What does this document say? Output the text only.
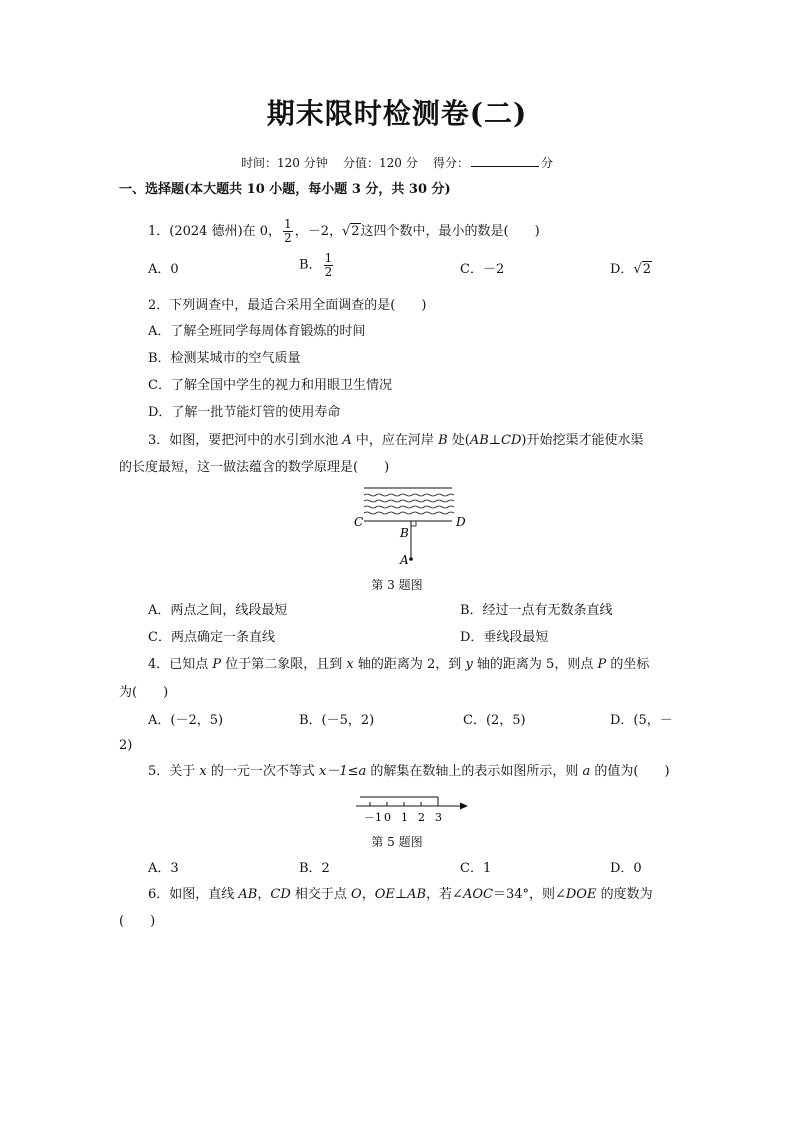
期末限时检测卷(二)
时间：120 分钟 分值：120 分 得分：	分
一、选择题(本大题共 10 小题，每小题 3 分，共 30 分)
1．(2024 德州)在 0， $\frac{1}{2}$ ，－2，√2这四个数中，最小的数是(　　)
A．0	B． $\frac{1}{2}$	C．－2	D．√2
2．下列调查中，最适合采用全面调查的是(　　)
A．了解全班同学每周体育锻炼的时间
B．检测某城市的空气质量
C．了解全国中学生的视力和用眼卫生情况
D．了解一批节能灯管的使用寿命
3．如图，要把河中的水引到水池 A 中，应在河岸 B 处(AB⊥CD)开始挖渠才能使水渠
的长度最短，这一做法蕴含的数学原理是(　　)
C	D
B
A
第 3 题图
A．两点之间，线段最短	B．经过一点有无数条直线
C．两点确定一条直线	D．垂线段最短
4．已知点 P 位于第二象限，且到 x 轴的距离为 2，到 y 轴的距离为 5，则点 P 的坐标
为(　　)
A．(－2，5)	B．(－5，2)	C．(2，5)	D．(5，－
2)
5．关于 x 的一元一次不等式 x－1≤a 的解集在数轴上的表示如图所示，则 a 的值为(　　)
－1 0 1 2 3
第 5 题图
A．3	B．2	C．1	D．0
6．如图，直线 AB，CD 相交于点 O，OE⊥AB，若∠AOC＝34°，则∠DOE 的度数为
(　　)
